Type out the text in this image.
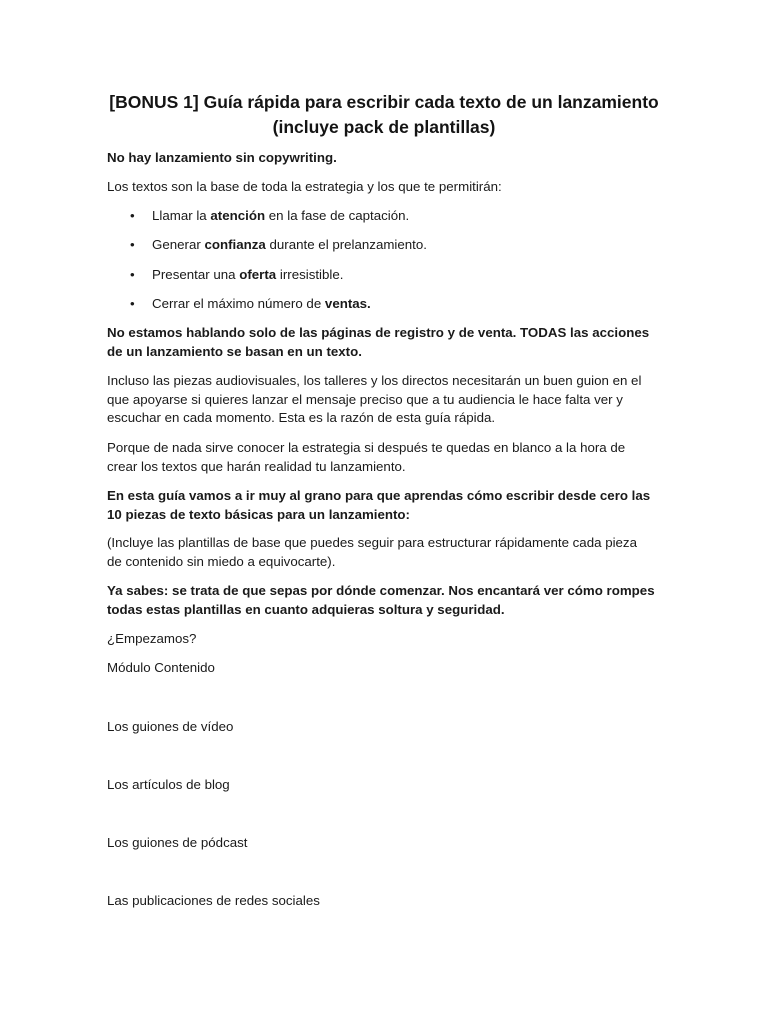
[BONUS 1] Guía rápida para escribir cada texto de un lanzamiento (incluye pack de plantillas)

No hay lanzamiento sin copywriting.

Los textos son la base de toda la estrategia y los que te permitirán:

• Llamar la atención en la fase de captación.
• Generar confianza durante el prelanzamiento.
• Presentar una oferta irresistible.
• Cerrar el máximo número de ventas.

No estamos hablando solo de las páginas de registro y de venta. TODAS las acciones de un lanzamiento se basan en un texto.

Incluso las piezas audiovisuales, los talleres y los directos necesitarán un buen guion en el que apoyarse si quieres lanzar el mensaje preciso que a tu audiencia le hace falta ver y escuchar en cada momento. Esta es la razón de esta guía rápida.

Porque de nada sirve conocer la estrategia si después te quedas en blanco a la hora de crear los textos que harán realidad tu lanzamiento.

En esta guía vamos a ir muy al grano para que aprendas cómo escribir desde cero las 10 piezas de texto básicas para un lanzamiento:

(Incluye las plantillas de base que puedes seguir para estructurar rápidamente cada pieza de contenido sin miedo a equivocarte).

Ya sabes: se trata de que sepas por dónde comenzar. Nos encantará ver cómo rompes todas estas plantillas en cuanto adquieras soltura y seguridad.

¿Empezamos?

Módulo Contenido

Los guiones de vídeo

Los artículos de blog

Los guiones de pódcast

Las publicaciones de redes sociales
